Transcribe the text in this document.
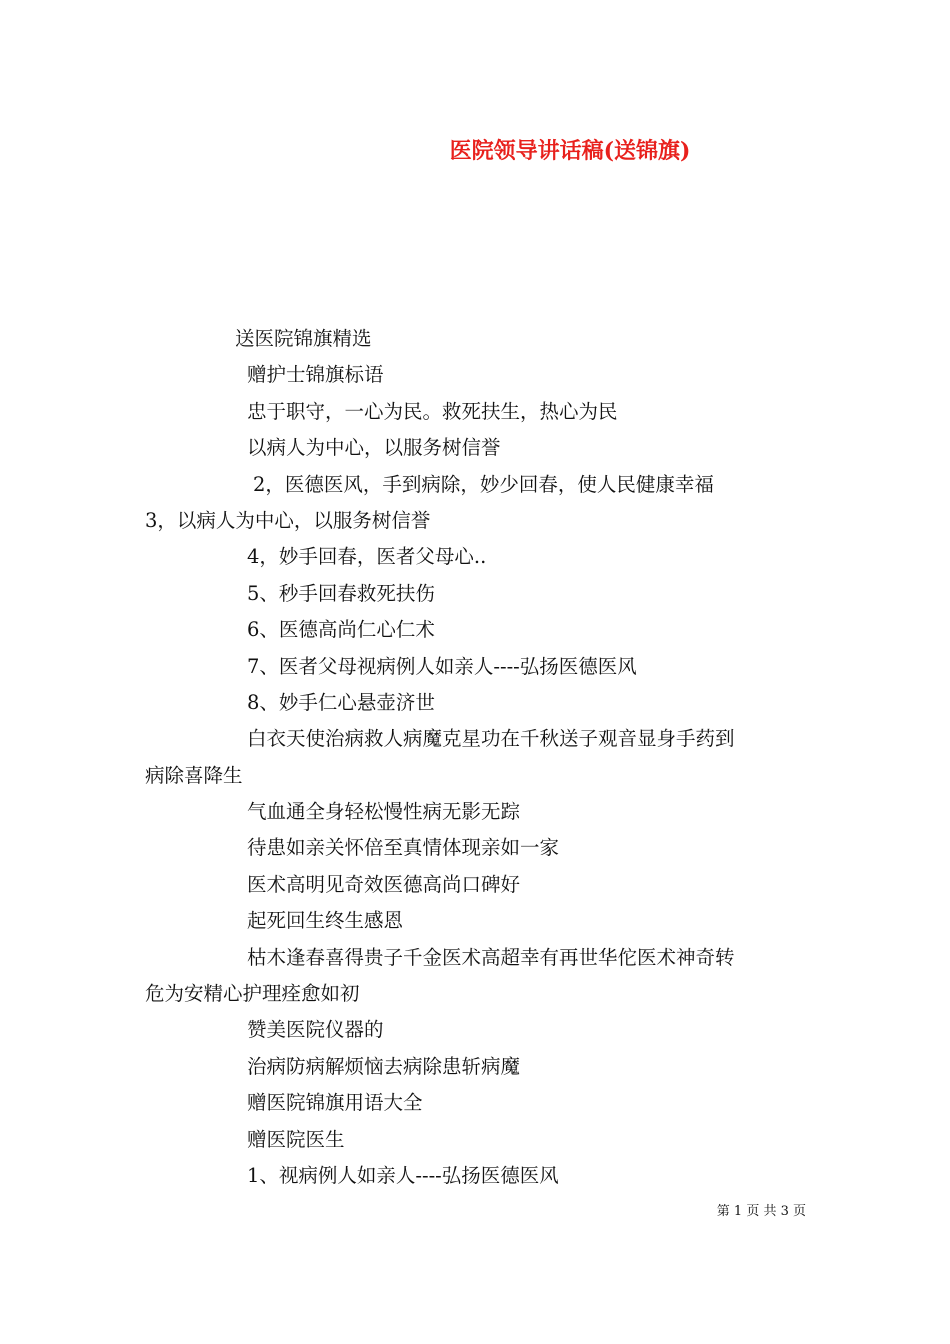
医院领导讲话稿(送锦旗)
送医院锦旗精选
赠护士锦旗标语
忠于职守，一心为民。救死扶生，热心为民
以病人为中心，以服务树信誉
2，医德医风，手到病除，妙少回春，使人民健康幸福
3，以病人为中心，以服务树信誉
4，妙手回春，医者父母心..
5、秒手回春救死扶伤
6、医德高尚仁心仁术
7、医者父母视病例人如亲人----弘扬医德医风
8、妙手仁心悬壶济世
白衣天使治病救人病魔克星功在千秋送子观音显身手药到
病除喜降生
气血通全身轻松慢性病无影无踪
待患如亲关怀倍至真情体现亲如一家
医术高明见奇效医德高尚口碑好
起死回生终生感恩
枯木逢春喜得贵子千金医术高超幸有再世华佗医术神奇转
危为安精心护理痊愈如初
赞美医院仪器的
治病防病解烦恼去病除患斩病魔
赠医院锦旗用语大全
赠医院医生
1、视病例人如亲人----弘扬医德医风
第 1 页 共 3 页
